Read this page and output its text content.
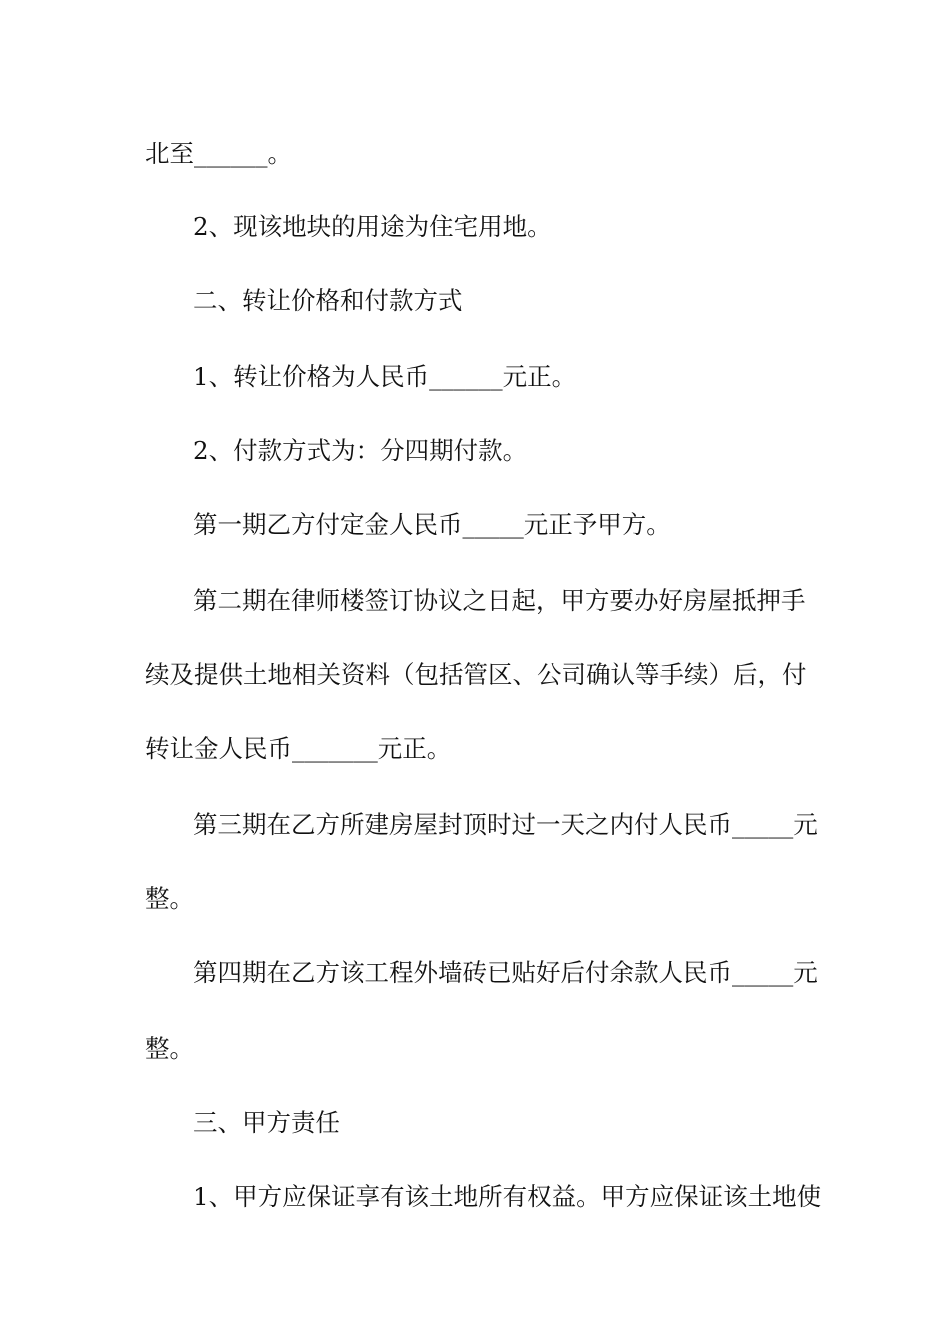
北至______。

2、现该地块的用途为住宅用地。

二、转让价格和付款方式

1、转让价格为人民币______元正。

2、付款方式为：分四期付款。

第一期乙方付定金人民币_____元正予甲方。

第二期在律师楼签订协议之日起，甲方要办好房屋抵押手

续及提供土地相关资料（包括管区、公司确认等手续）后，付

转让金人民币_______元正。

第三期在乙方所建房屋封顶时过一天之内付人民币_____元

整。

第四期在乙方该工程外墙砖已贴好后付余款人民币_____元

整。

三、甲方责任

1、甲方应保证享有该土地所有权益。甲方应保证该土地使
